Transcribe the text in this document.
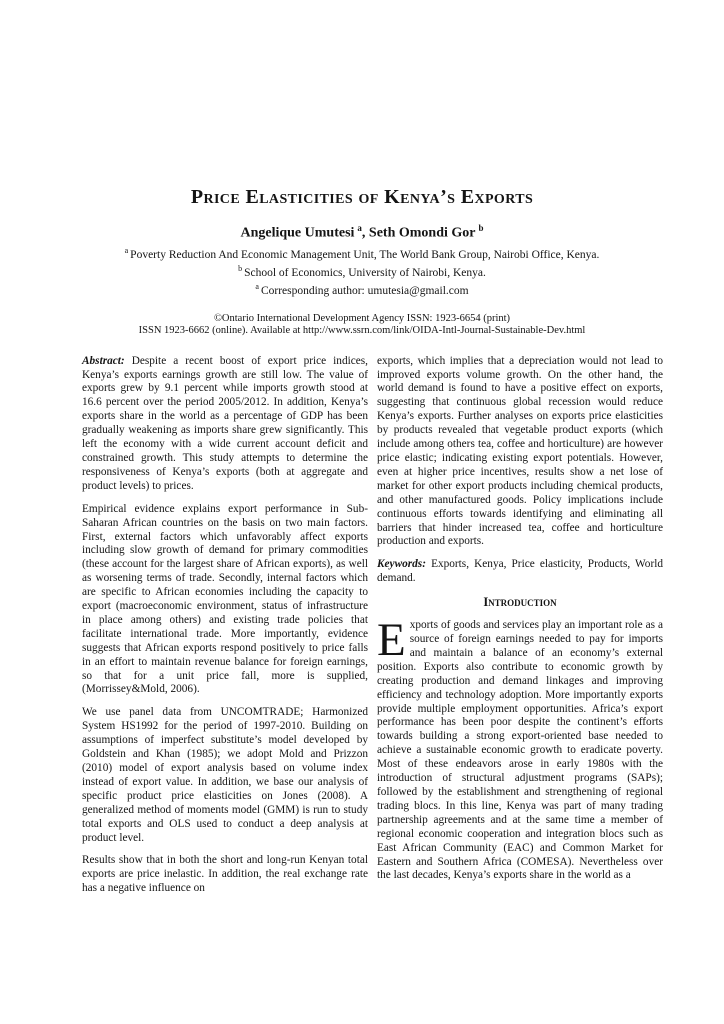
Price Elasticities of Kenya’s Exports
Angelique Umutesi $^a$, Seth Omondi Gor $^b$
$^a$ Poverty Reduction And Economic Management Unit, The World Bank Group, Nairobi Office, Kenya.
$^b$ School of Economics, University of Nairobi, Kenya.
$^a$ Corresponding author: umutesia@gmail.com
©Ontario International Development Agency ISSN: 1923-6654 (print)
ISSN 1923-6662 (online). Available at http://www.ssrn.com/link/OIDA-Intl-Journal-Sustainable-Dev.html

Abstract: Despite a recent boost of export price indices, Kenya’s exports earnings growth are still low. The value of exports grew by 9.1 percent while imports growth stood at 16.6 percent over the period 2005/2012. In addition, Kenya’s exports share in the world as a percentage of GDP has been gradually weakening as imports share grew significantly. This left the economy with a wide current account deficit and constrained growth. This study attempts to determine the responsiveness of Kenya’s exports (both at aggregate and product levels) to prices.

Empirical evidence explains export performance in Sub-Saharan African countries on the basis on two main factors. First, external factors which unfavorably affect exports including slow growth of demand for primary commodities (these account for the largest share of African exports), as well as worsening terms of trade. Secondly, internal factors which are specific to African economies including the capacity to export (macroeconomic environment, status of infrastructure in place among others) and existing trade policies that facilitate international trade. More importantly, evidence suggests that African exports respond positively to price falls in an effort to maintain revenue balance for foreign earnings, so that for a unit price fall, more is supplied, (Morrissey&Mold, 2006).

We use panel data from UNCOMTRADE; Harmonized System HS1992 for the period of 1997-2010. Building on assumptions of imperfect substitute’s model developed by Goldstein and Khan (1985); we adopt Mold and Prizzon (2010) model of export analysis based on volume index instead of export value. In addition, we base our analysis of specific product price elasticities on Jones (2008). A generalized method of moments model (GMM) is run to study total exports and OLS used to conduct a deep analysis at product level.

Results show that in both the short and long-run Kenyan total exports are price inelastic. In addition, the real exchange rate has a negative influence on

exports, which implies that a depreciation would not lead to improved exports volume growth. On the other hand, the world demand is found to have a positive effect on exports, suggesting that continuous global recession would reduce Kenya’s exports. Further analyses on exports price elasticities by products revealed that vegetable product exports (which include among others tea, coffee and horticulture) are however price elastic; indicating existing export potentials. However, even at higher price incentives, results show a net lose of market for other export products including chemical products, and other manufactured goods. Policy implications include continuous efforts towards identifying and eliminating all barriers that hinder increased tea, coffee and horticulture production and exports.

Keywords: Exports, Kenya, Price elasticity, Products, World demand.

Introduction

Exports of goods and services play an important role as a source of foreign earnings needed to pay for imports and maintain a balance of an economy’s external position. Exports also contribute to economic growth by creating production and demand linkages and improving efficiency and technology adoption. More importantly exports provide multiple employment opportunities. Africa’s export performance has been poor despite the continent’s efforts towards building a strong export-oriented base needed to achieve a sustainable economic growth to eradicate poverty. Most of these endeavors arose in early 1980s with the introduction of structural adjustment programs (SAPs); followed by the establishment and strengthening of regional trading blocs. In this line, Kenya was part of many trading partnership agreements and at the same time a member of regional economic cooperation and integration blocs such as East African Community (EAC) and Common Market for Eastern and Southern Africa (COMESA). Nevertheless over the last decades, Kenya’s exports share in the world as a
